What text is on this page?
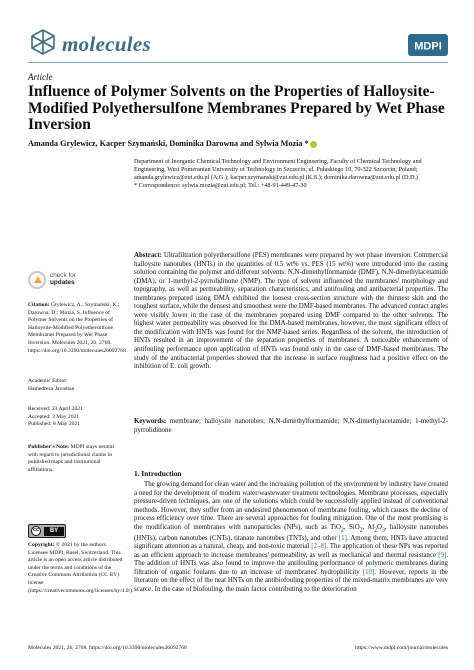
molecules	MDPI
Article
Influence of Polymer Solvents on the Properties of Halloysite-Modified Polyethersulfone Membranes Prepared by Wet Phase Inversion
Amanda Grylewicz, Kacper Szymański, Dominika Darowna and Sylwia Mozia *
Department of Inorganic Chemical Technology and Environment Engineering, Faculty of Chemical Technology and Engineering, West Pomeranian University of Technology in Szczecin, ul. Pułaskiego 10, 70-322 Szczecin, Poland; amanda.grylewicz@zut.edu.pl (A.G.); kacper.szymanski@zut.edu.pl (K.S.); dominika.darowna@zut.edu.pl (D.D.)
* Correspondence: sylwia.mozia@zut.edu.pl; Tel.: +48-91-449-47-30
check for
updates
Citation: Grylewicz, A.; Szymański, K.; Darowna, D.; Mozia, S. Influence of Polymer Solvents on the Properties of Halloysite-Modified Polyethersulfone Membranes Prepared by Wet Phase Inversion. Molecules 2021, 26, 2768. https://doi.org/10.3390/molecules26092768
Academic Editor:
Hamedreza Javadian
Received: 23 April 2021
Accepted: 3 May 2021
Published: 8 May 2021
Publisher's Note: MDPI stays neutral with regard to jurisdictional claims in published maps and institutional affiliations.
cc	BY
Copyright: © 2021 by the authors. Licensee MDPI, Basel, Switzerland. This article is an open access article distributed under the terms and conditions of the Creative Commons Attribution (CC BY) license (https://creativecommons.org/licenses/by/4.0/).
Abstract: Ultrafiltration polyethersulfone (PES) membranes were prepared by wet phase inversion. Commercial halloysite nanotubes (HNTs) in the quantities of 0.5 wt% vs. PES (15 wt%) were introduced into the casting solution containing the polymer and different solvents: N,N-dimethylformamide (DMF), N,N-dimethylacetamide (DMA), or 1-methyl-2-pyrrolidinone (NMP). The type of solvent influenced the membranes' morphology and topography, as well as permeability, separation characteristics, and antifouling and antibacterial properties. The membranes prepared using DMA exhibited the loosest cross-section structure with the thinnest skin and the roughest surface, while the densest and smoothest were the DMF-based membranes. The advanced contact angles were visibly lower in the case of the membranes prepared using DMF compared to the other solvents. The highest water permeability was observed for the DMA-based membranes, however, the most significant effect of the modification with HNTs was found for the NMP-based series. Regardless of the solvent, the introduction of HNTs resulted in an improvement of the separation properties of membranes. A noticeable enhancement of antifouling performance upon application of HNTs was found only in the case of DMF-based membranes. The study of the antibacterial properties showed that the increase in surface roughness had a positive effect on the inhibition of E. coli growth.
Keywords: membrane; halloysite nanotubes; N,N-dimethylformamide; N,N-dimethylacetamide; 1-methyl-2-pyrrolidinone
1. Introduction
The growing demand for clean water and the increasing pollution of the environment by industry have created a need for the development of modern water/wastewater treatment technologies. Membrane processes, especially pressure-driven techniques, are one of the solutions which could be successfully applied instead of conventional methods. However, they suffer from an undesired phenomenon of membrane fouling, which causes the decline of process efficiency over time. There are several approaches for fouling mitigation. One of the most promising is the modification of membranes with nanoparticles (NPs), such as TiO$_2$, SiO$_2$, $Al_2O_3$, halloysite nanotubes (HNTs), carbon nanotubes (CNTs), titanate nanotubes (TNTs), and other [1]. Among them, HNTs have attracted significant attention as a natural, cheap, and non-toxic material [2–8]. The application of these NPs was reported as an efficient approach to increase membranes' permeability, as well as mechanical and thermal resistance [9]. The addition of HNTs was also found to improve the antifouling performance of polymeric membranes during filtration of organic foulants due to an increase of membranes' hydrophilicity [10]. However, reports in the literature on the effect of the neat HNTs on the antibiofouling properties of the mixed-matrix membranes are very scarce. In the case of biofouling, the main factor contributing to the deterioration
Molecules 2021, 26, 2768. https://doi.org/10.3390/molecules26092768	https://www.mdpi.com/journal/molecules
